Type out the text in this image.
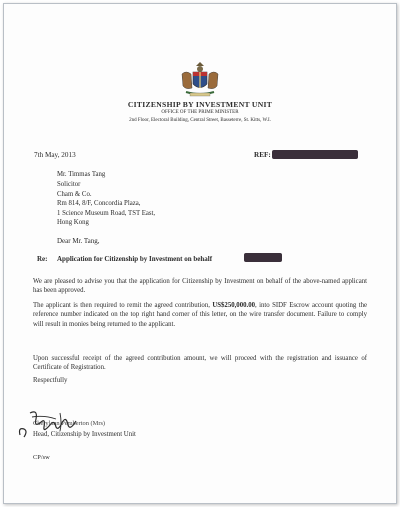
CITIZENSHIP BY INVESTMENT UNIT
OFFICE OF THE PRIME MINISTER
2nd Floor, Electoral Building, Central Street, Basseterre, St. Kitts, W.I.
7th May, 2013	REF:
Mr. Timmas Tang
Solicitor
Cham & Co.
Rm 814, 8/F, Concordia Plaza,
1 Science Museum Road, TST East,
Hong Kong
Dear Mr. Tang,
Re: Application for Citizenship by Investment on behalf
We are pleased to advise you that the application for Citizenship by Investment on behalf of the above-named applicant has been approved.
The applicant is then required to remit the agreed contribution, US$250,000.00, into SIDF Escrow account quoting the reference number indicated on the top right hand corner of this letter, on the wire transfer document. Failure to comply will result in monies being returned to the applicant.
Upon successful receipt of the agreed contribution amount, we will proceed with the registration and issuance of Certificate of Registration.
Respectfully
Cherylann Pemberton (Mrs)
Head, Citizenship by Investment Unit
CP/sw
